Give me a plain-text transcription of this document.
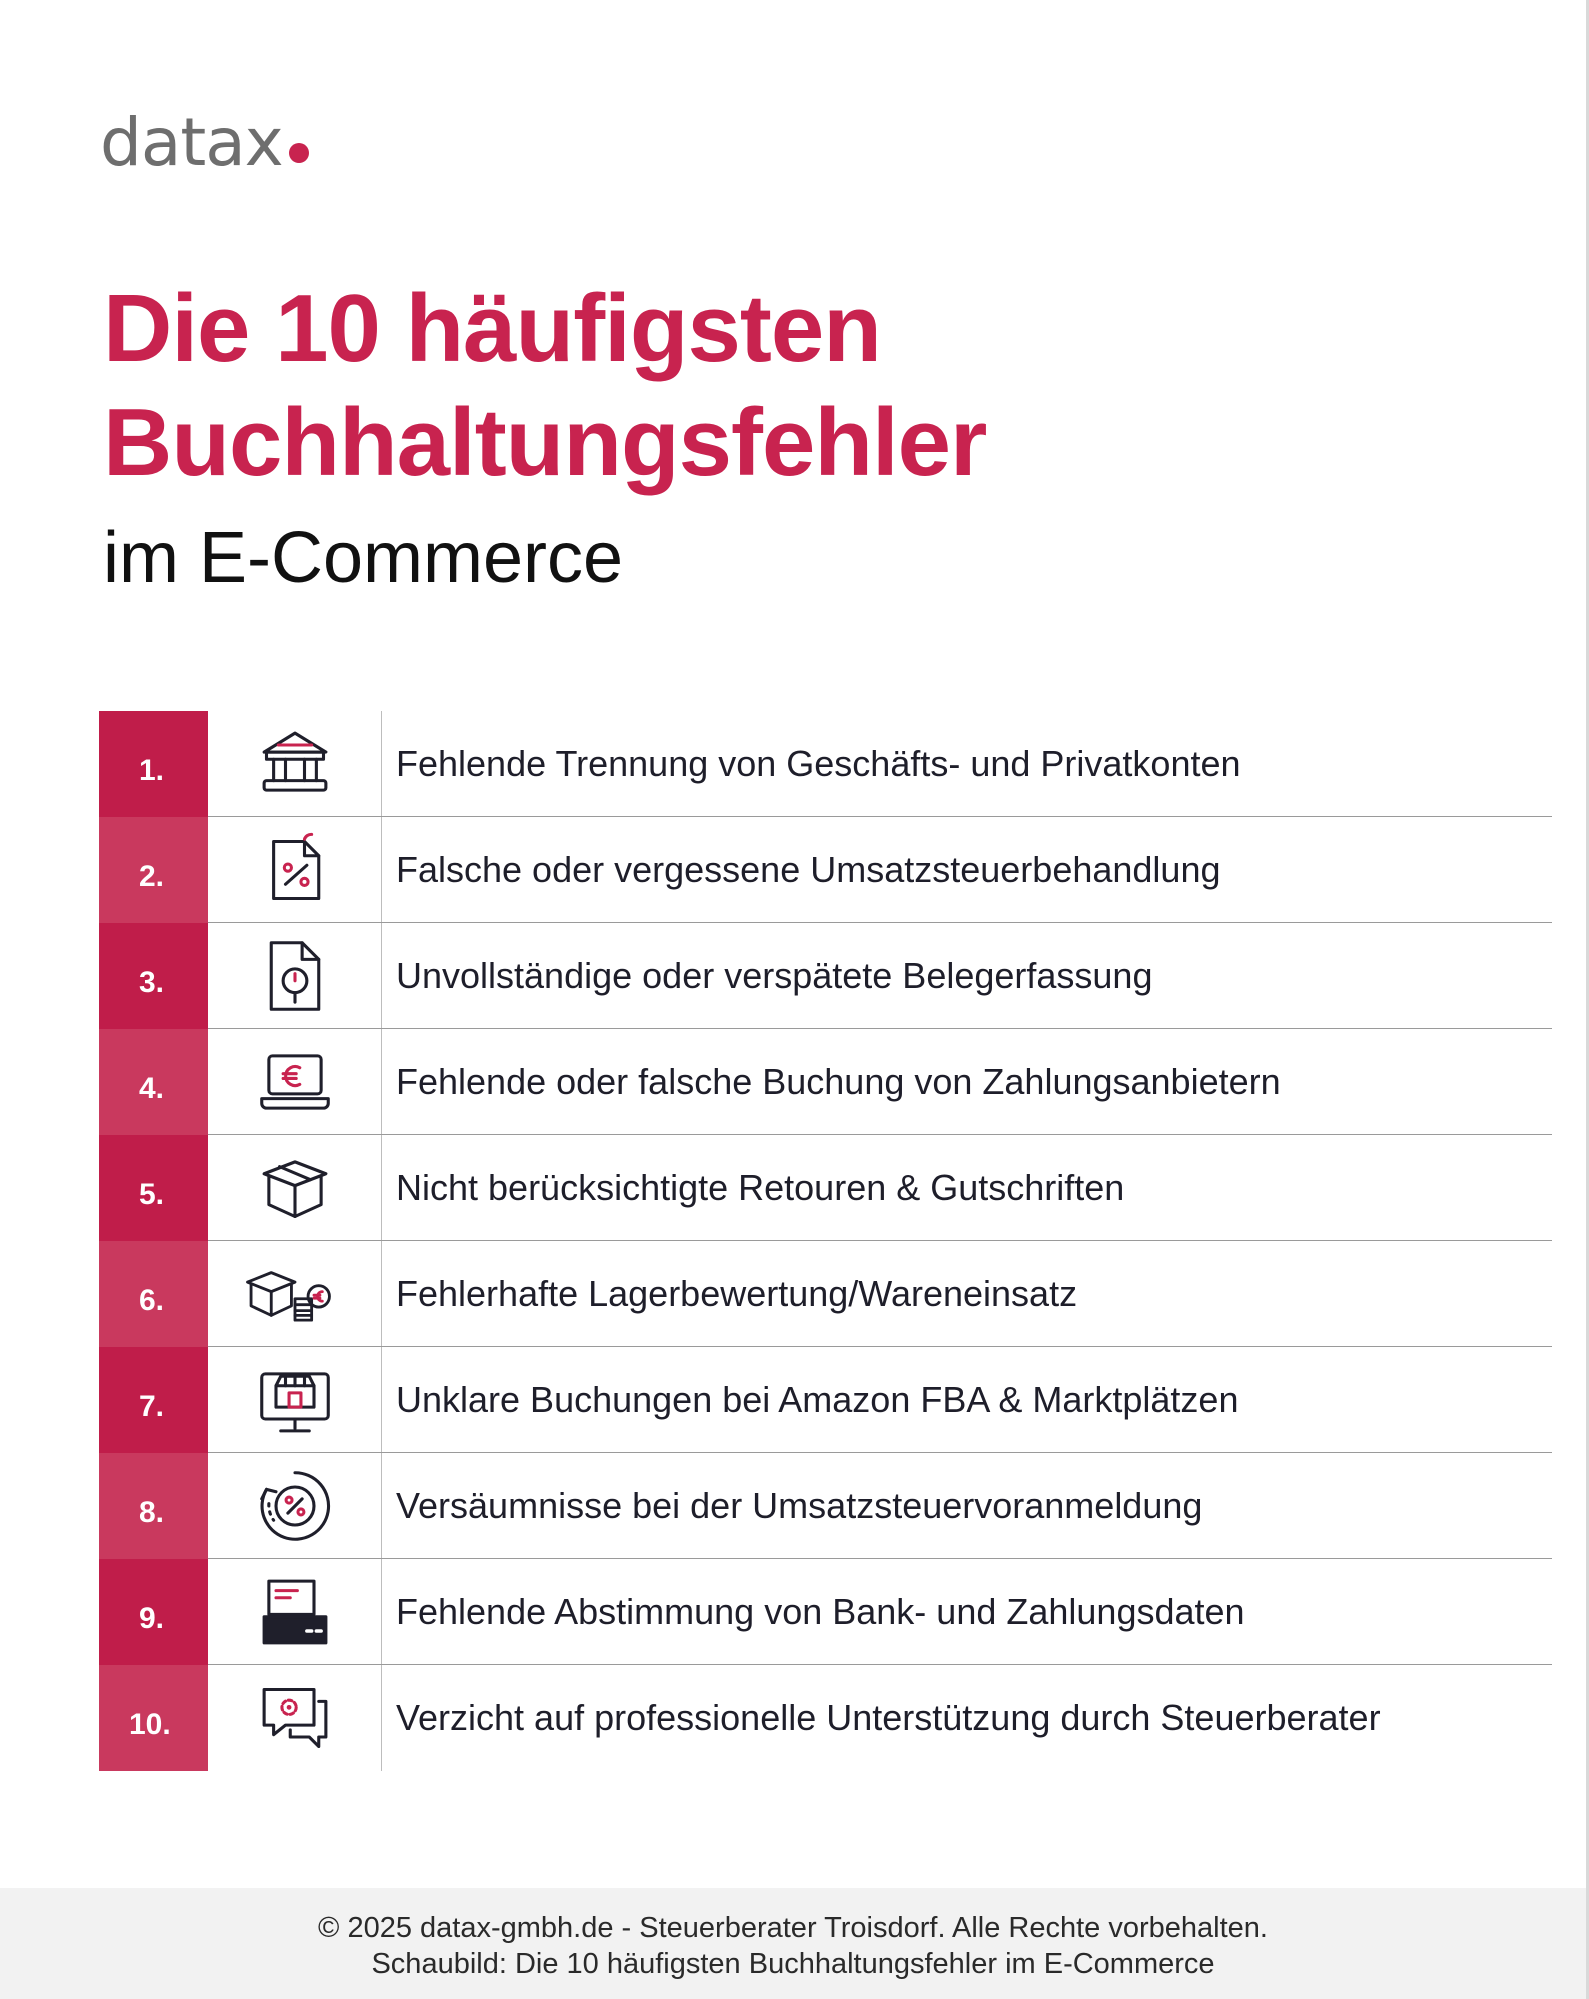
datax
Die 10 häufigsten
Buchhaltungsfehler
im E-Commerce
1.	Fehlende Trennung von Geschäfts- und Privatkonten
2.	Falsche oder vergessene Umsatzsteuerbehandlung
3.	Unvollständige oder verspätete Belegerfassung
4.	Fehlende oder falsche Buchung von Zahlungsanbietern
5.	Nicht berücksichtigte Retouren & Gutschriften
6.	Fehlerhafte Lagerbewertung/Wareneinsatz
7.	Unklare Buchungen bei Amazon FBA & Marktplätzen
8.	Versäumnisse bei der Umsatzsteuervoranmeldung
9.	Fehlende Abstimmung von Bank- und Zahlungsdaten
10.	Verzicht auf professionelle Unterstützung durch Steuerberater
© 2025 datax-gmbh.de - Steuerberater Troisdorf. Alle Rechte vorbehalten.
Schaubild: Die 10 häufigsten Buchhaltungsfehler im E-Commerce
